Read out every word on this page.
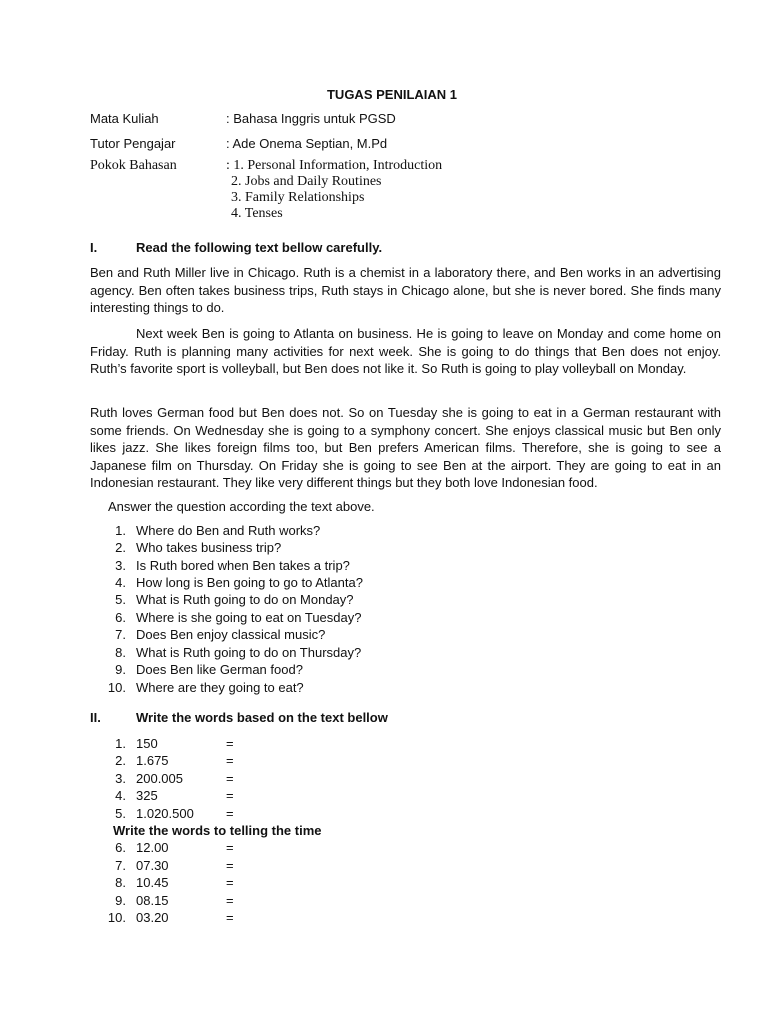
TUGAS PENILAIAN 1
Mata Kuliah	: Bahasa Inggris untuk PGSD
Tutor Pengajar	: Ade Onema Septian, M.Pd
Pokok Bahasan	: 1. Personal Information, Introduction
2. Jobs and Daily Routines
3. Family Relationships
4. Tenses
I.	Read the following text bellow carefully.
Ben and Ruth Miller live in Chicago. Ruth is a chemist in a laboratory there, and Ben works in an advertising agency. Ben often takes business trips, Ruth stays in Chicago alone, but she is never bored. She finds many interesting things to do.
Next week Ben is going to Atlanta on business. He is going to leave on Monday and come home on Friday. Ruth is planning many activities for next week. She is going to do things that Ben does not enjoy. Ruth’s favorite sport is volleyball, but Ben does not like it. So Ruth is going to play volleyball on Monday.
Ruth loves German food but Ben does not. So on Tuesday she is going to eat in a German restaurant with some friends. On Wednesday she is going to a symphony concert. She enjoys classical music but Ben only likes jazz. She likes foreign films too, but Ben prefers American films. Therefore, she is going to see a Japanese film on Thursday. On Friday she is going to see Ben at the airport. They are going to eat in an Indonesian restaurant. They like very different things but they both love Indonesian food.
Answer the question according the text above.
1. Where do Ben and Ruth works?
2. Who takes business trip?
3. Is Ruth bored when Ben takes a trip?
4. How long is Ben going to go to Atlanta?
5. What is Ruth going to do on Monday?
6. Where is she going to eat on Tuesday?
7. Does Ben enjoy classical music?
8. What is Ruth going to do on Thursday?
9. Does Ben like German food?
10. Where are they going to eat?
II.	Write the words based on the text bellow
1. 150	=
2. 1.675	=
3. 200.005	=
4. 325	=
5. 1.020.500 =
Write the words to telling the time
6. 12.00	=
7. 07.30	=
8. 10.45	=
9. 08.15	=
10. 03.20	=
